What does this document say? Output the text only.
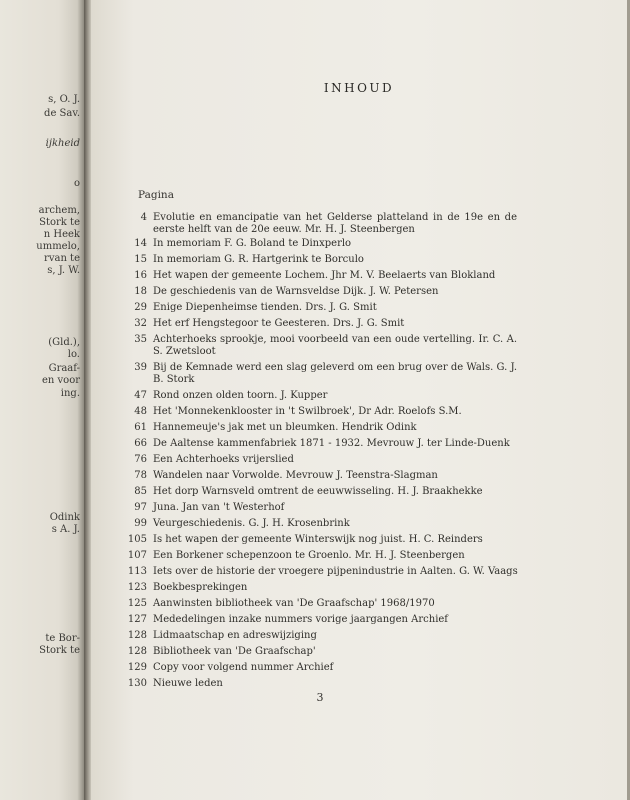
s, O. J.
de Sav.
ijkheid
o
archem,
Stork te
n Heek
ummelo,
rvan te
s, J. W.
(Gld.),
lo.
Graaf-
en voor
ing.
Odink
s A. J.
te Bor-
Stork te
INHOUD
Pagina
4 Evolutie en emancipatie van het Gelderse platteland in de 19e en de eerste helft van de 20e eeuw. Mr. H. J. Steenbergen
14 In memoriam F. G. Boland te Dinxperlo
15 In memoriam G. R. Hartgerink te Borculo
16 Het wapen der gemeente Lochem. Jhr M. V. Beelaerts van Blokland
18 De geschiedenis van de Warnsveldse Dijk. J. W. Petersen
29 Enige Diepenheimse tienden. Drs. J. G. Smit
32 Het erf Hengstegoor te Geesteren. Drs. J. G. Smit
35 Achterhoeks sprookje, mooi voorbeeld van een oude vertelling. Ir. C. A. S. Zwetsloot
39 Bij de Kemnade werd een slag geleverd om een brug over de Wals. G. J. B. Stork
47 Rond onzen olden toorn. J. Kupper
48 Het 'Monnekenklooster in 't Swilbroek', Dr Adr. Roelofs S.M.
61 Hannemeuje's jak met un bleumken. Hendrik Odink
66 De Aaltense kammenfabriek 1871 - 1932. Mevrouw J. ter Linde-Duenk
76 Een Achterhoeks vrijerslied
78 Wandelen naar Vorwolde. Mevrouw J. Teenstra-Slagman
85 Het dorp Warnsveld omtrent de eeuwwisseling. H. J. Braakhekke
97 Juna. Jan van 't Westerhof
99 Veurgeschiedenis. G. J. H. Krosenbrink
105 Is het wapen der gemeente Winterswijk nog juist. H. C. Reinders
107 Een Borkener schepenzoon te Groenlo. Mr. H. J. Steenbergen
113 Iets over de historie der vroegere pijpenindustrie in Aalten. G. W. Vaags
123 Boekbesprekingen
125 Aanwinsten bibliotheek van 'De Graafschap' 1968/1970
127 Mededelingen inzake nummers vorige jaargangen Archief
128 Lidmaatschap en adreswijziging
128 Bibliotheek van 'De Graafschap'
129 Copy voor volgend nummer Archief
130 Nieuwe leden
3
